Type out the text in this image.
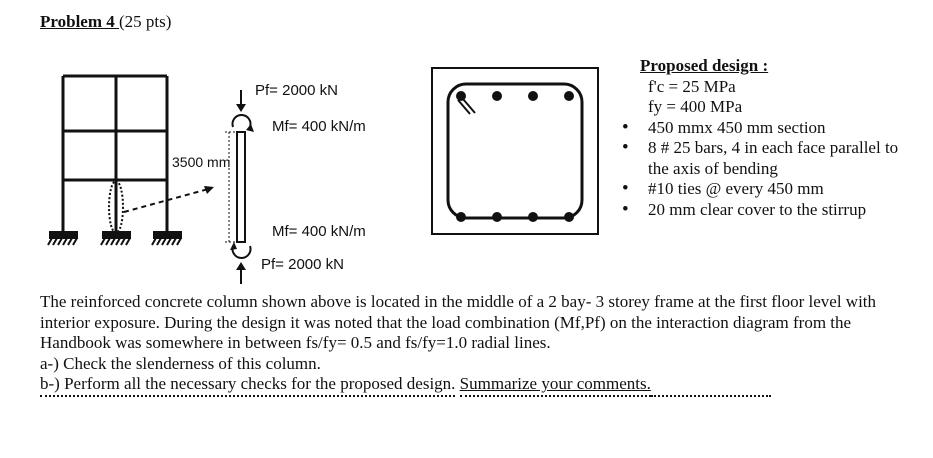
Problem 4 (25 pts)
3500 mm
Pf= 2000 kN
Mf= 400 kN/m
Mf= 400 kN/m
Pf= 2000 kN
Proposed design :
f'c = 25 MPa
fy = 400 MPa
• 450 mmx 450 mm section
• 8 # 25 bars, 4 in each face parallel to the axis of bending
• #10 ties @ every 450 mm
• 20 mm clear cover to the stirrup
The reinforced concrete column shown above is located in the middle of a 2 bay- 3 storey frame at the first floor level with interior exposure. During the design it was noted that the load combination (Mf,Pf) on the interaction diagram from the Handbook was somewhere in between fs/fy= 0.5 and fs/fy=1.0 radial lines.
a-) Check the slenderness of this column.
b-) Perform all the necessary checks for the proposed design. Summarize your comments.
